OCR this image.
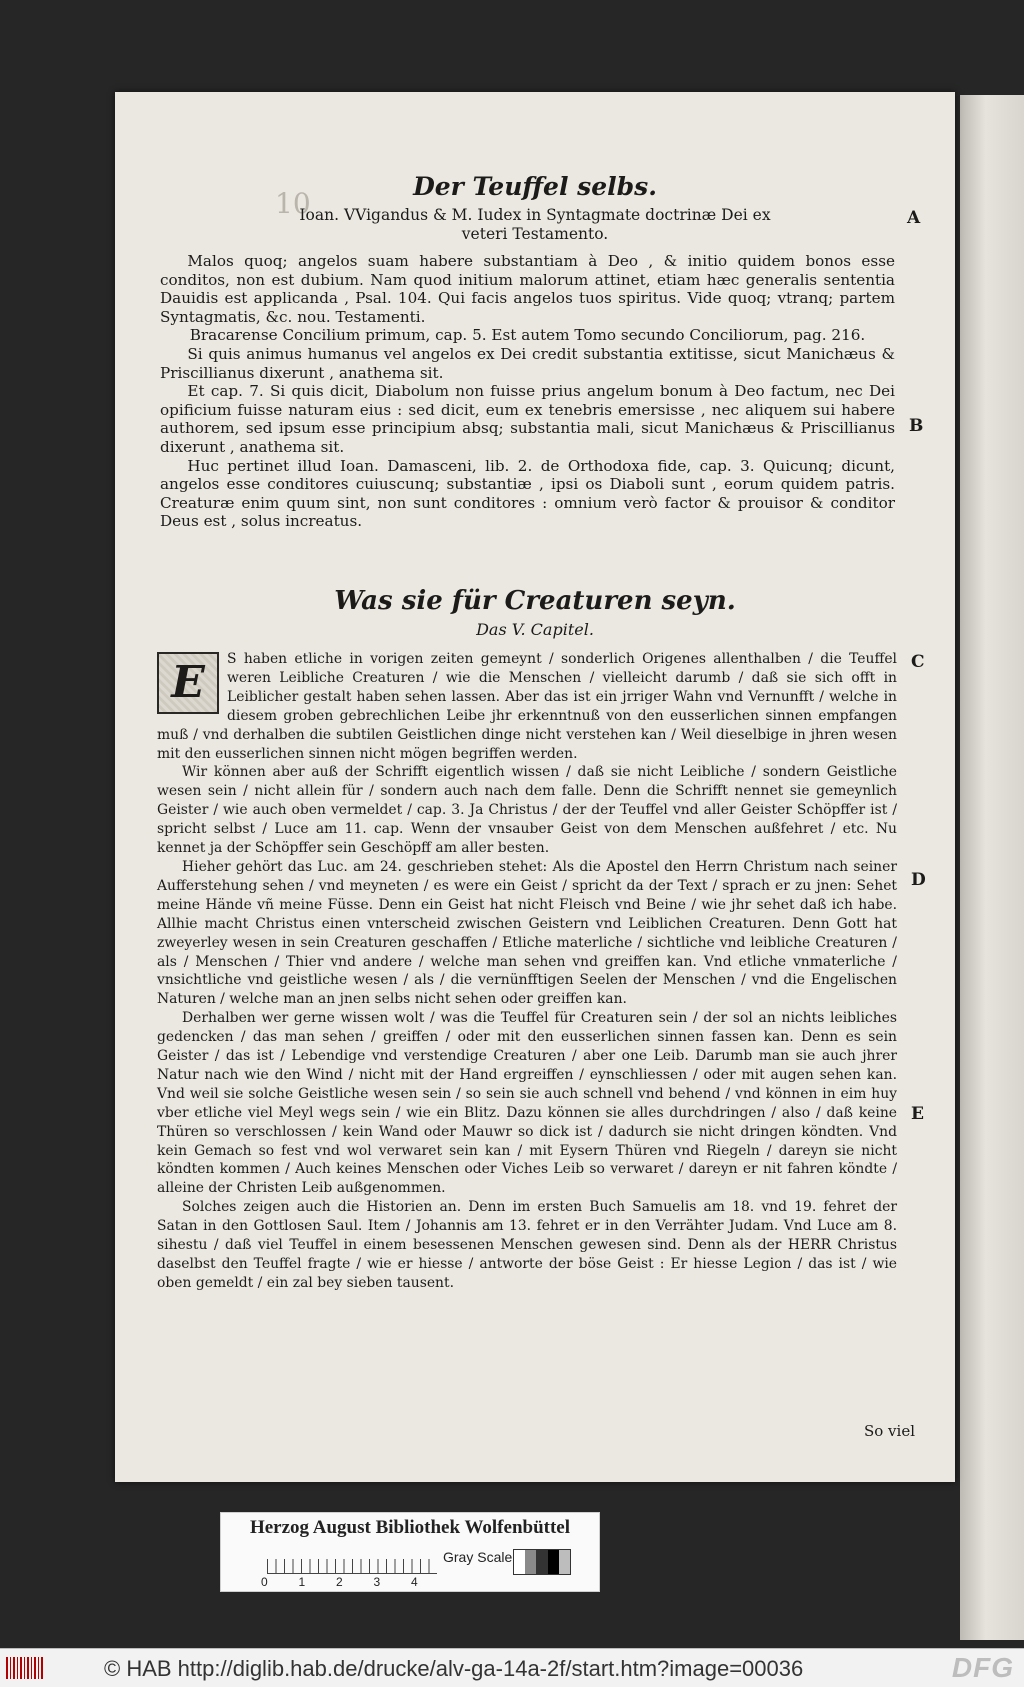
10
Der Teuffel selbs.
Ioan. VVigandus & M. Iudex in Syntagmate doctrinæ Dei ex
veteri Testamento.
A
B
C
D
E

Malos quoq; angelos suam habere substantiam à Deo , & initio quidem bonos esse conditos, non est dubium. Nam quod initium malorum attinet, etiam hæc generalis sententia Dauidis est applicanda , Psal. 104. Qui facis angelos tuos spiritus. Vide quoq; vtranq; partem Syntagmatis, &c. nou. Testamenti.

Bracarense Concilium primum, cap. 5. Est autem Tomo secundo Conciliorum, pag. 216.

Si quis animus humanus vel angelos ex Dei credit substantia extitisse, sicut Manichæus & Priscillianus dixerunt , anathema sit.

Et cap. 7. Si quis dicit, Diabolum non fuisse prius angelum bonum à Deo factum, nec Dei opificium fuisse naturam eius : sed dicit, eum ex tenebris emersisse , nec aliquem sui habere authorem, sed ipsum esse principium absq; substantia mali, sicut Manichæus & Priscillianus dixerunt , anathema sit.

Huc pertinet illud Ioan. Damasceni, lib. 2. de Orthodoxa fide, cap. 3. Quicunq; dicunt, angelos esse conditores cuiuscunq; substantiæ , ipsi os Diaboli sunt , eorum quidem patris. Creaturæ enim quum sint, non sunt conditores : omnium verò factor & prouisor & conditor Deus est , solus increatus.

Was sie für Creaturen seyn.
Das V. Capitel.

E	S haben etliche in vorigen zeiten gemeynt / sonderlich Origenes allenthalben / die Teuffel weren Leibliche Creaturen / wie die Menschen / vielleicht darumb / daß sie sich offt in Leiblicher gestalt haben sehen lassen. Aber das ist ein jrriger Wahn vnd Vernunfft / welche in diesem groben gebrechlichen Leibe jhr erkenntnuß von den eusserlichen sinnen empfangen muß / vnd derhalben die subtilen Geistlichen dinge nicht verstehen kan / Weil dieselbige in jhren wesen mit den eusserlichen sinnen nicht mögen begriffen werden.

Wir können aber auß der Schrifft eigentlich wissen / daß sie nicht Leibliche / sondern Geistliche wesen sein / nicht allein für / sondern auch nach dem falle. Denn die Schrifft nennet sie gemeynlich Geister / wie auch oben vermeldet / cap. 3. Ja Christus / der der Teuffel vnd aller Geister Schöpffer ist / spricht selbst / Luce am 11. cap. Wenn der vnsauber Geist von dem Menschen außfehret / etc. Nu kennet ja der Schöpffer sein Geschöpff am aller besten.

Hieher gehört das Luc. am 24. geschrieben stehet: Als die Apostel den Herrn Christum nach seiner Aufferstehung sehen / vnd meyneten / es were ein Geist / spricht da der Text / sprach er zu jnen: Sehet meine Hände vñ meine Füsse. Denn ein Geist hat nicht Fleisch vnd Beine / wie jhr sehet daß ich habe. Allhie macht Christus einen vnterscheid zwischen Geistern vnd Leiblichen Creaturen. Denn Gott hat zweyerley wesen in sein Creaturen geschaffen / Etliche materliche / sichtliche vnd leibliche Creaturen / als / Menschen / Thier vnd andere / welche man sehen vnd greiffen kan. Vnd etliche vnmaterliche / vnsichtliche vnd geistliche wesen / als / die vernünfftigen Seelen der Menschen / vnd die Engelischen Naturen / welche man an jnen selbs nicht sehen oder greiffen kan.

Derhalben wer gerne wissen wolt / was die Teuffel für Creaturen sein / der sol an nichts leibliches gedencken / das man sehen / greiffen / oder mit den eusserlichen sinnen fassen kan. Denn es sein Geister / das ist / Lebendige vnd verstendige Creaturen / aber one Leib. Darumb man sie auch jhrer Natur nach wie den Wind / nicht mit der Hand ergreiffen / eynschliessen / oder mit augen sehen kan. Vnd weil sie solche Geistliche wesen sein / so sein sie auch schnell vnd behend / vnd können in eim huy vber etliche viel Meyl wegs sein / wie ein Blitz. Dazu können sie alles durchdringen / also / daß keine Thüren so verschlossen / kein Wand oder Mauwr so dick ist / dadurch sie nicht dringen köndten. Vnd kein Gemach so fest vnd wol verwaret sein kan / mit Eysern Thüren vnd Riegeln / dareyn sie nicht köndten kommen / Auch keines Menschen oder Viches Leib so verwaret / dareyn er nit fahren köndte / alleine der Christen Leib außgenommen.

Solches zeigen auch die Historien an. Denn im ersten Buch Samuelis am 18. vnd 19. fehret der Satan in den Gottlosen Saul. Item / Johannis am 13. fehret er in den Verrähter Judam. Vnd Luce am 8. sihestu / daß viel Teuffel in einem besessenen Menschen gewesen sind. Denn als der HERR Christus daselbst den Teuffel fragte / wie er hiesse / antworte der böse Geist : Er hiesse Legion / das ist / wie oben gemeldt / ein zal bey sieben tausent.

So viel
Herzog August Bibliothek Wolfenbüttel
0	1	2	3	4
Gray Scale
© HAB http://diglib.hab.de/drucke/alv-ga-14a-2f/start.htm?image=00036	DFG
